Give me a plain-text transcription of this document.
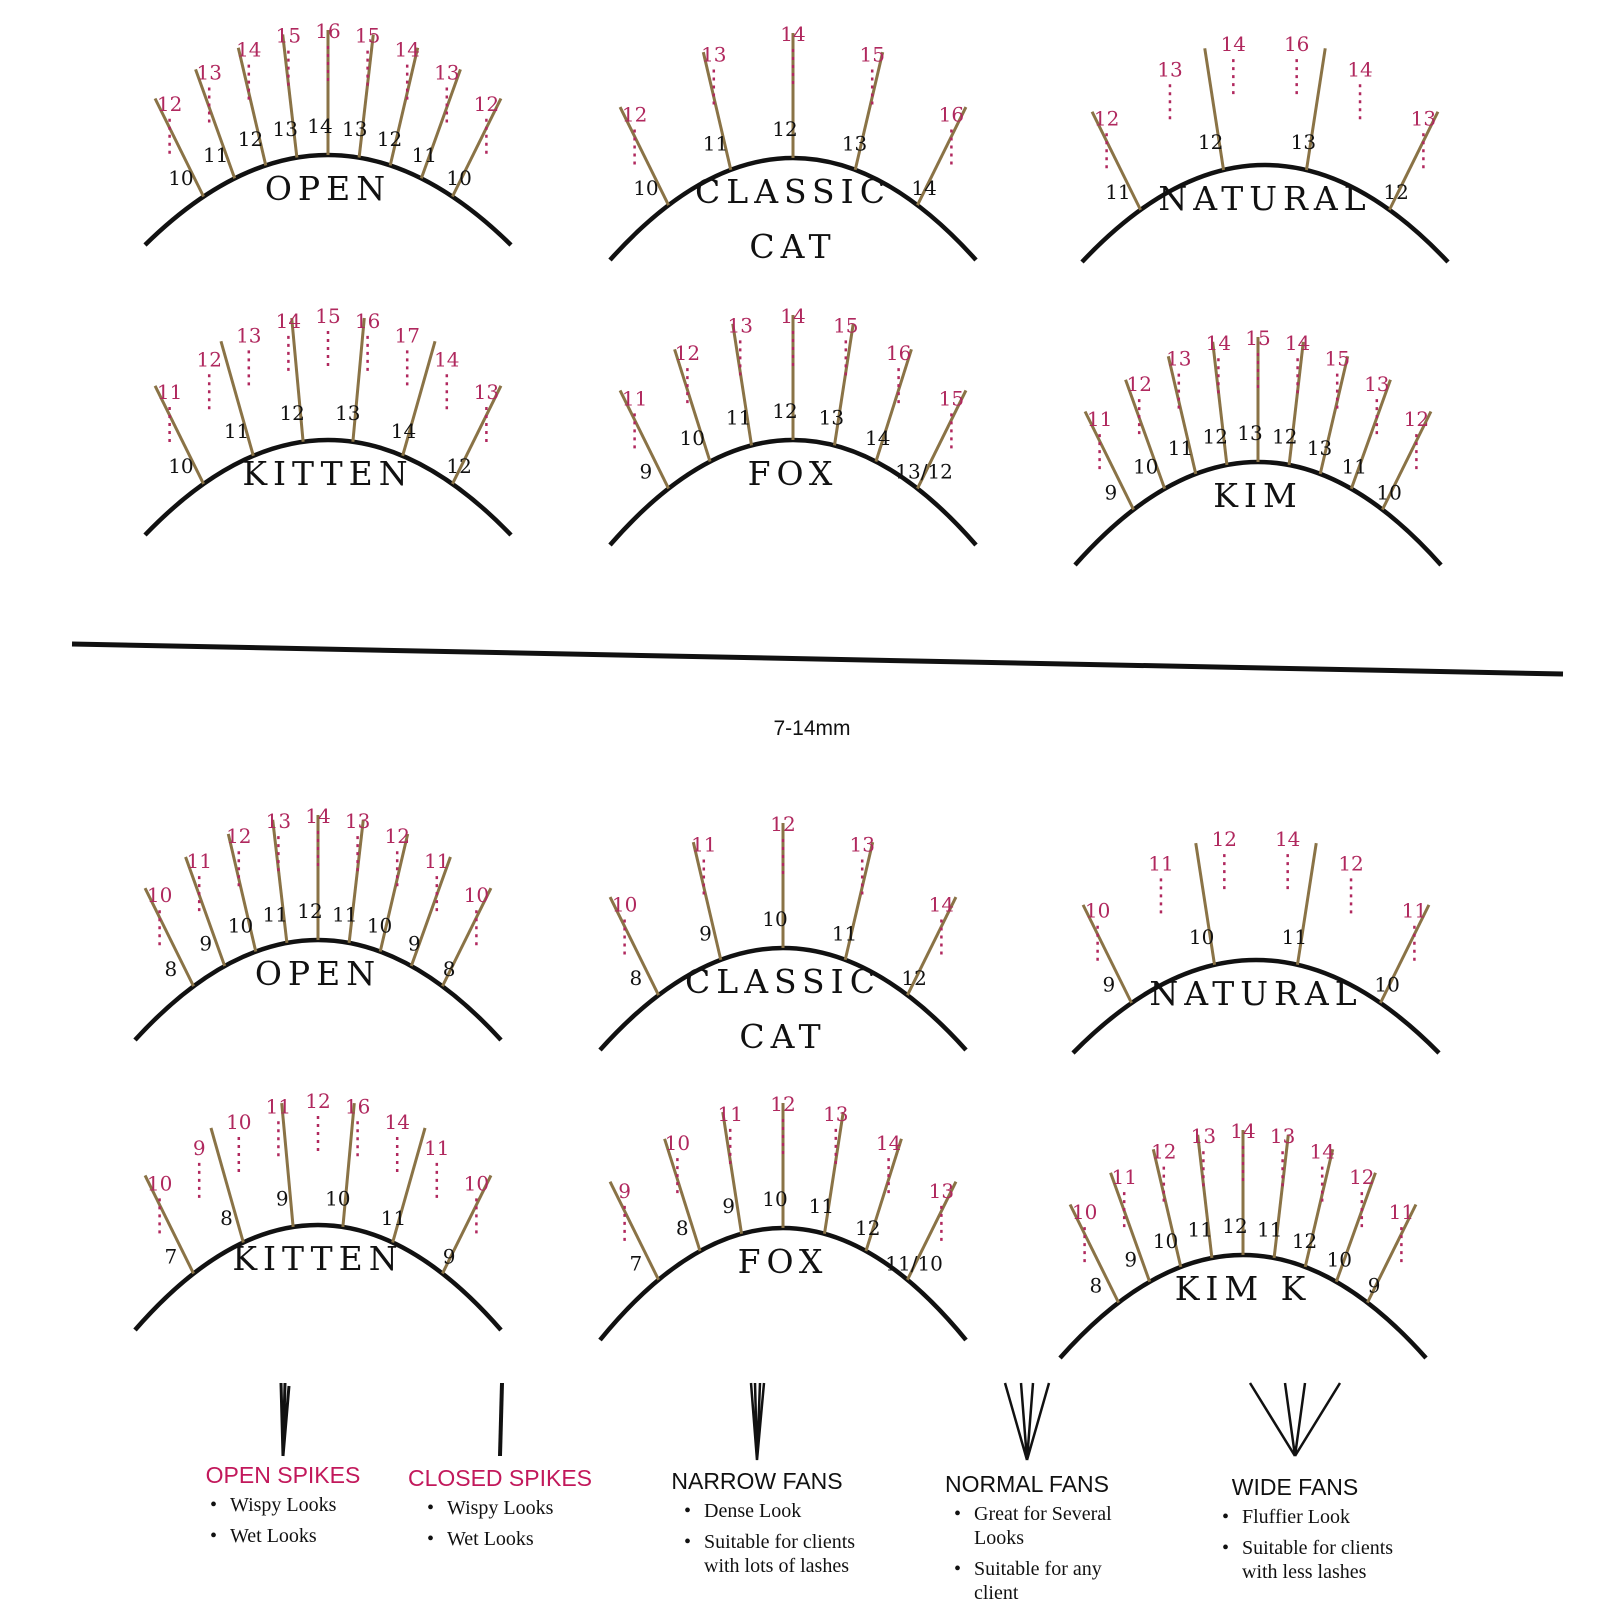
7-14mm
10
11
12 13 14 13 12
11
10
12
13
14
15 16 15
14
13
12
OPEN	10
11
12
13
14
12
13
14
15
16
CLASSIC
CAT
11
12	13
12
12
13
14 16
14
13
NATURAL
10
11
12 13
14
12
11
12
13
14 15 16
17
14
13
KITTEN	9
10
11 12 13
14
13/12
11
12
13 14 15
16
15
FOX	9
10
11 12 13 12 13
11
10
11
12
13
14 15 14
15
13
12
KIM
8
9
10 11 12 11 10
9
8
10
11
12
13 14 13
12
11
10
OPEN	8
9
10
11
12
10
11
12
13
14
CLASSIC
CAT
9
10	11
10
10
11
12 14
12
11
NATURAL
7
8
9 10
11
9
10
9
10
11 12 16
14
11
10
KITTEN	7
8
9 10 11
12
11/10
9
10
11 12 13
14
13
FOX
8
9
10 11 12 11 12
10
9
10
11
12
13 14 13
14
12
11
KIM K
OPEN SPIKES
• Wispy Looks
• Wet Looks
CLOSED SPIKES
• Wispy Looks
• Wet Looks
NARROW FANS
• Dense Look
• Suitable for clients with lots of lashes
NORMAL FANS
• Great for Several Looks
• Suitable for any client
WIDE FANS
• Fluffier Look
• Suitable for clients with less lashes
